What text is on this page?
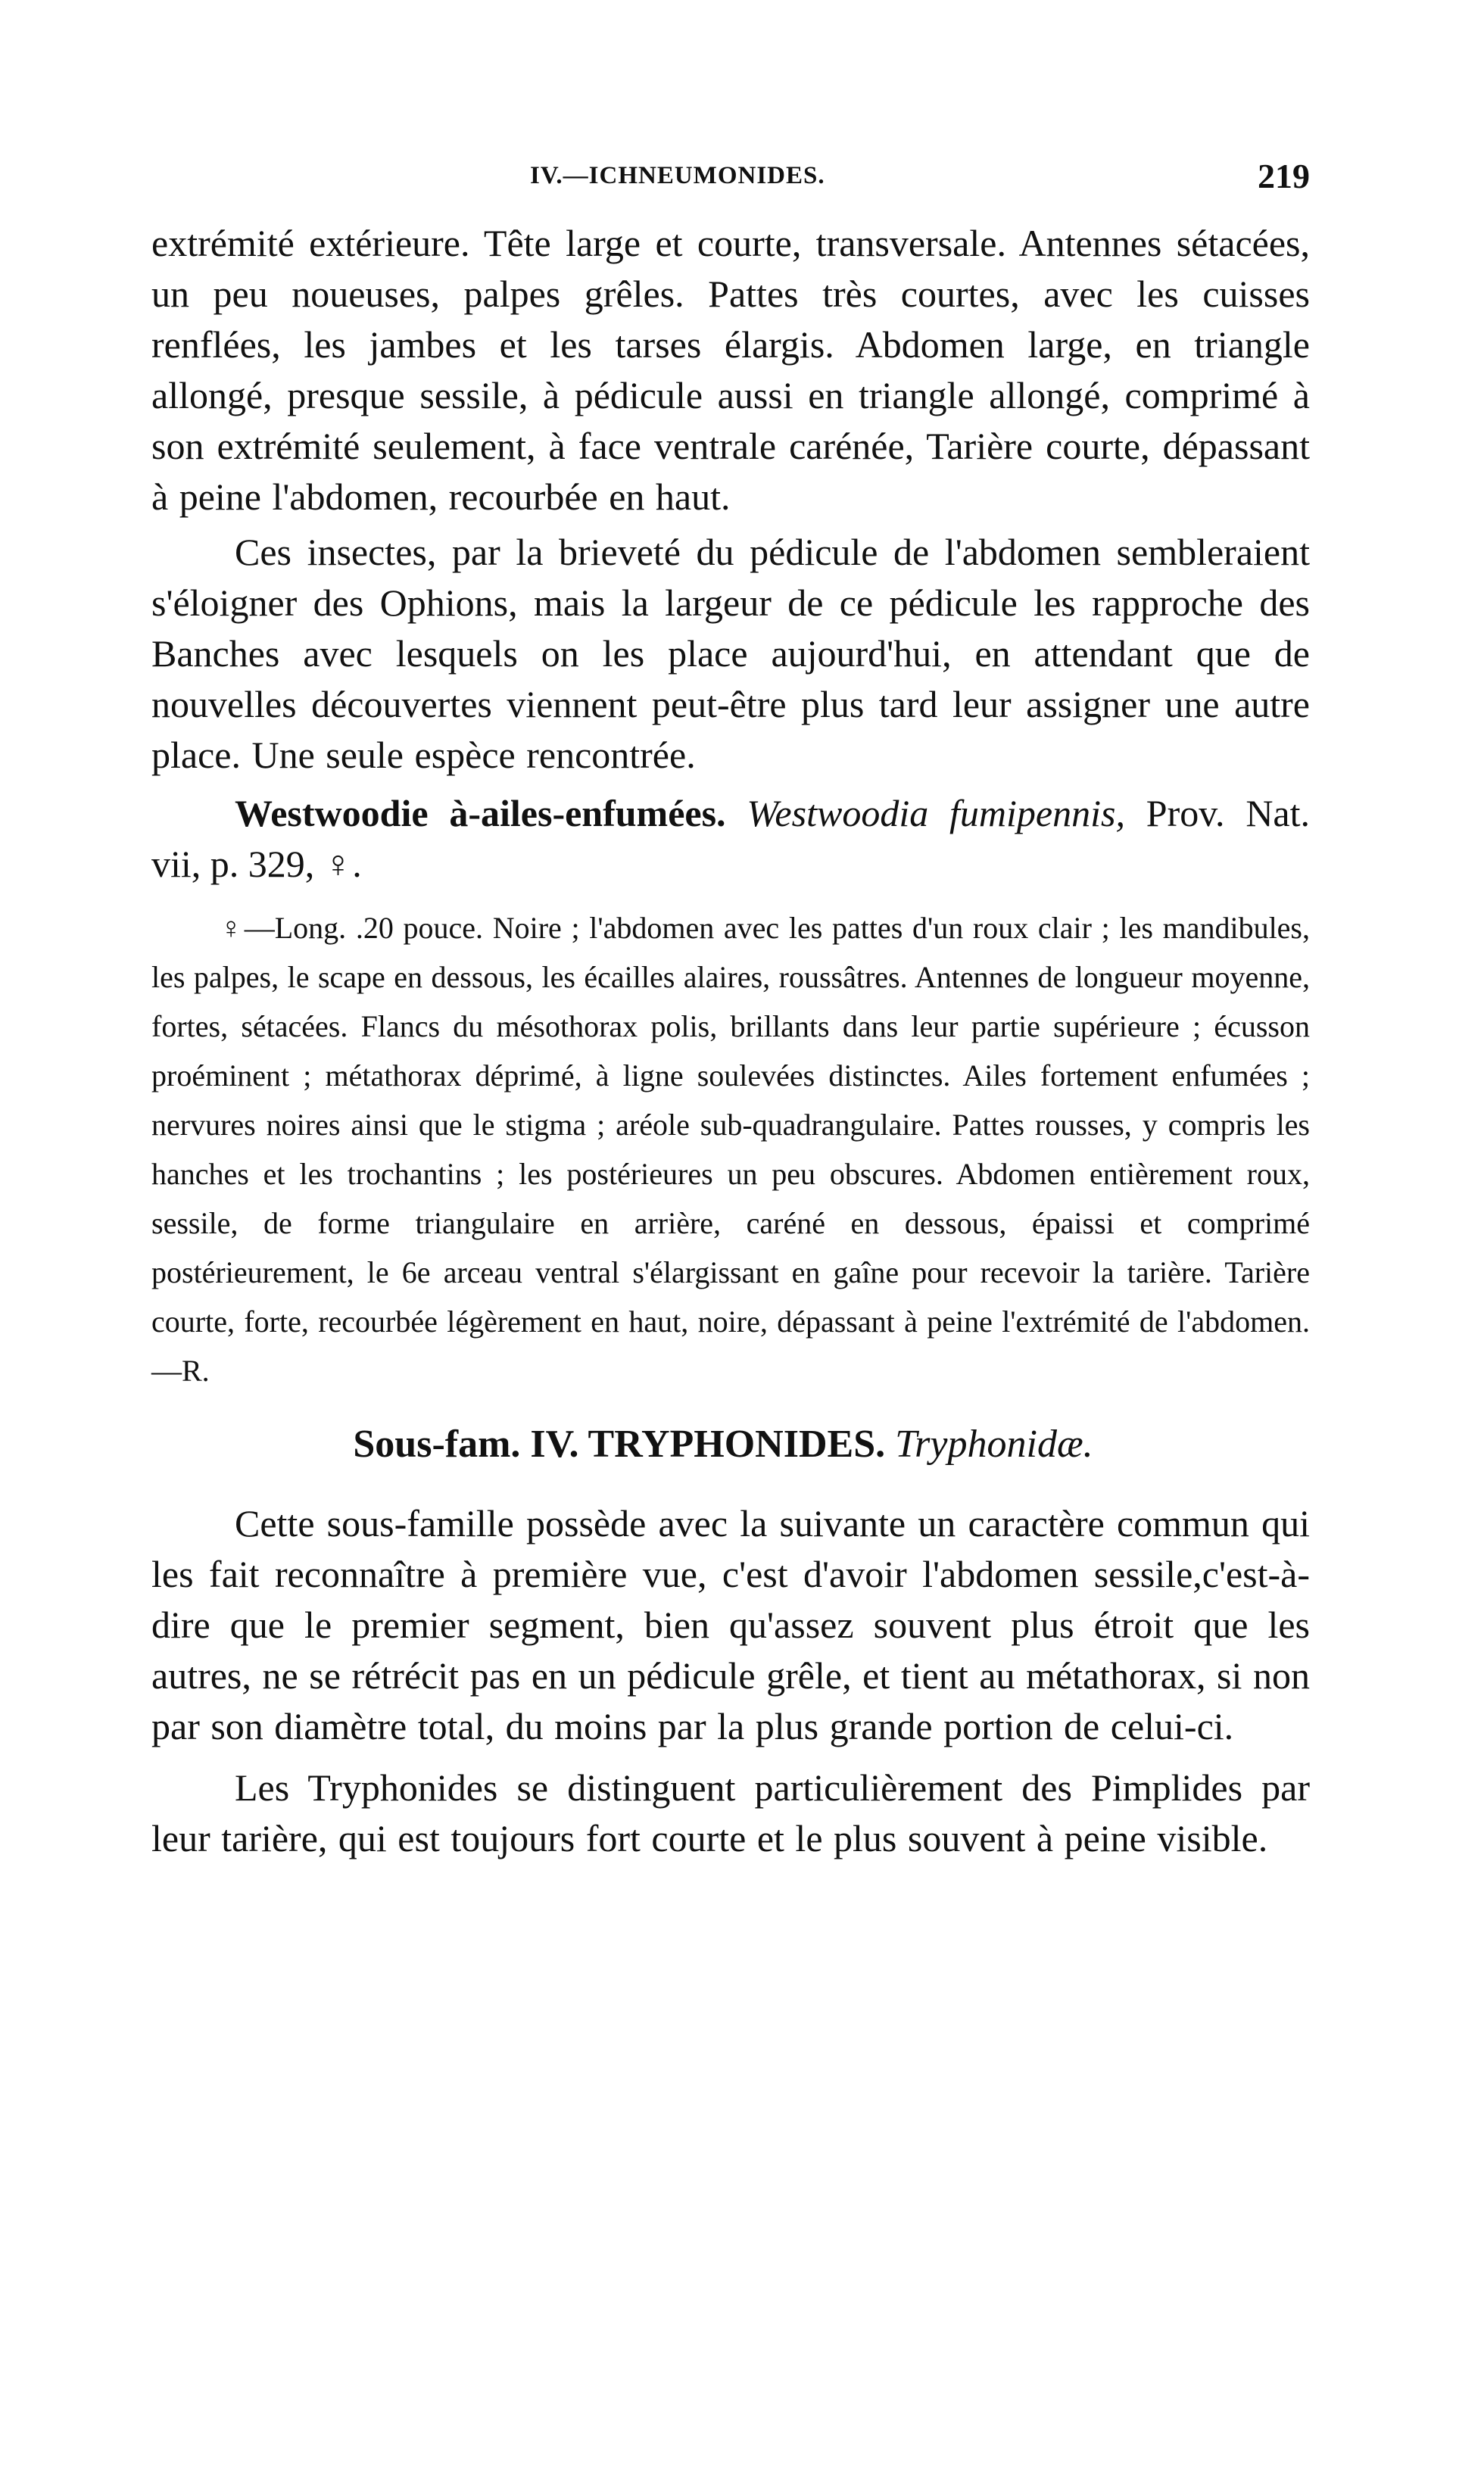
IV.—ICHNEUMONIDES.	219

extrémité extérieure. Tête large et courte, transversale. Antennes sétacées, un peu noueuses, palpes grêles. Pattes très courtes, avec les cuisses renflées, les jambes et les tarses élargis. Abdomen large, en triangle allongé, presque sessile, à pédicule aussi en triangle allongé, comprimé à son extrémité seulement, à face ventrale carénée, Tarière courte, dépassant à peine l'abdomen, recourbée en haut.

Ces insectes, par la brieveté du pédicule de l'abdomen sembleraient s'éloigner des Ophions, mais la largeur de ce pédicule les rapproche des Banches avec lesquels on les place aujourd'hui, en attendant que de nouvelles découvertes viennent peut-être plus tard leur assigner une autre place. Une seule espèce rencontrée.

Westwoodie à-ailes-enfumées. Westwoodia fumipennis, Prov. Nat. vii, p. 329, ♀.

♀—Long. .20 pouce. Noire ; l'abdomen avec les pattes d'un roux clair ; les mandibules, les palpes, le scape en dessous, les écailles alaires, roussâtres. Antennes de longueur moyenne, fortes, sétacées. Flancs du mésothorax polis, brillants dans leur partie supérieure ; écusson proéminent ; métathorax déprimé, à ligne soulevées distinctes. Ailes fortement enfumées ; nervures noires ainsi que le stigma ; aréole sub-quadrangulaire. Pattes rousses, y compris les hanches et les trochantins ; les postérieures un peu obscures. Abdomen entièrement roux, sessile, de forme triangulaire en arrière, caréné en dessous, épaissi et comprimé postérieurement, le 6e arceau ventral s'élargissant en gaîne pour recevoir la tarière. Tarière courte, forte, recourbée légèrement en haut, noire, dépassant à peine l'extrémité de l'abdomen.—R.

Sous-fam. IV. TRYPHONIDES. Tryphonidæ.

Cette sous-famille possède avec la suivante un caractère commun qui les fait reconnaître à première vue, c'est d'avoir l'abdomen sessile,c'est-à-dire que le premier segment, bien qu'assez souvent plus étroit que les autres, ne se rétrécit pas en un pédicule grêle, et tient au métathorax, si non par son diamètre total, du moins par la plus grande portion de celui-ci.

Les Tryphonides se distinguent particulièrement des Pimplides par leur tarière, qui est toujours fort courte et le plus souvent à peine visible.
